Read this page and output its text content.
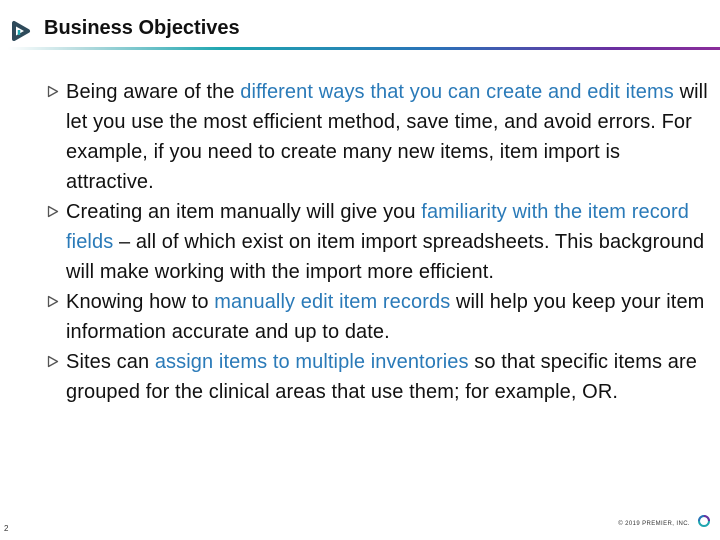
Business Objectives
Being aware of the different ways that you can create and edit items will let you use the most efficient method, save time, and avoid errors. For example, if you need to create many new items, item import is attractive.
Creating an item manually will give you familiarity with the item record fields – all of which exist on item import spreadsheets. This background will make working with the import more efficient.
Knowing how to manually edit item records will help you keep your item information accurate and up to date.
Sites can assign items to multiple inventories so that specific items are grouped for the clinical areas that use them; for example, OR.
2	© 2019 PREMIER, INC.
